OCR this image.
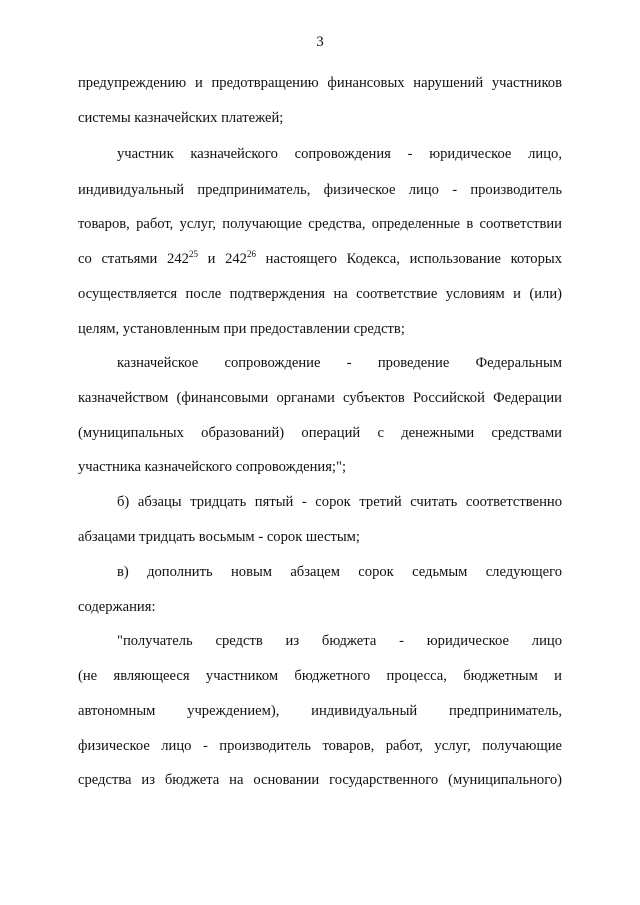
3
предупреждению и предотвращению финансовых нарушений участников
системы казначейских платежей;
участник казначейского сопровождения - юридическое лицо,
индивидуальный предприниматель, физическое лицо - производитель
товаров, работ, услуг, получающие средства, определенные в соответствии
со статьями $242^{25}$ и $242^{26}$ настоящего Кодекса, использование которых
осуществляется после подтверждения на соответствие условиям и (или)
целям, установленным при предоставлении средств;
казначейское сопровождение - проведение Федеральным
казначейством (финансовыми органами субъектов Российской Федерации
(муниципальных образований) операций с денежными средствами
участника казначейского сопровождения;";
б) абзацы тридцать пятый - сорок третий считать соответственно
абзацами тридцать восьмым - сорок шестым;
в) дополнить новым абзацем сорок седьмым следующего
содержания:
"получатель средств из бюджета - юридическое лицо
(не являющееся участником бюджетного процесса, бюджетным и
автономным учреждением), индивидуальный предприниматель,
физическое лицо - производитель товаров, работ, услуг, получающие
средства из бюджета на основании государственного (муниципального)
